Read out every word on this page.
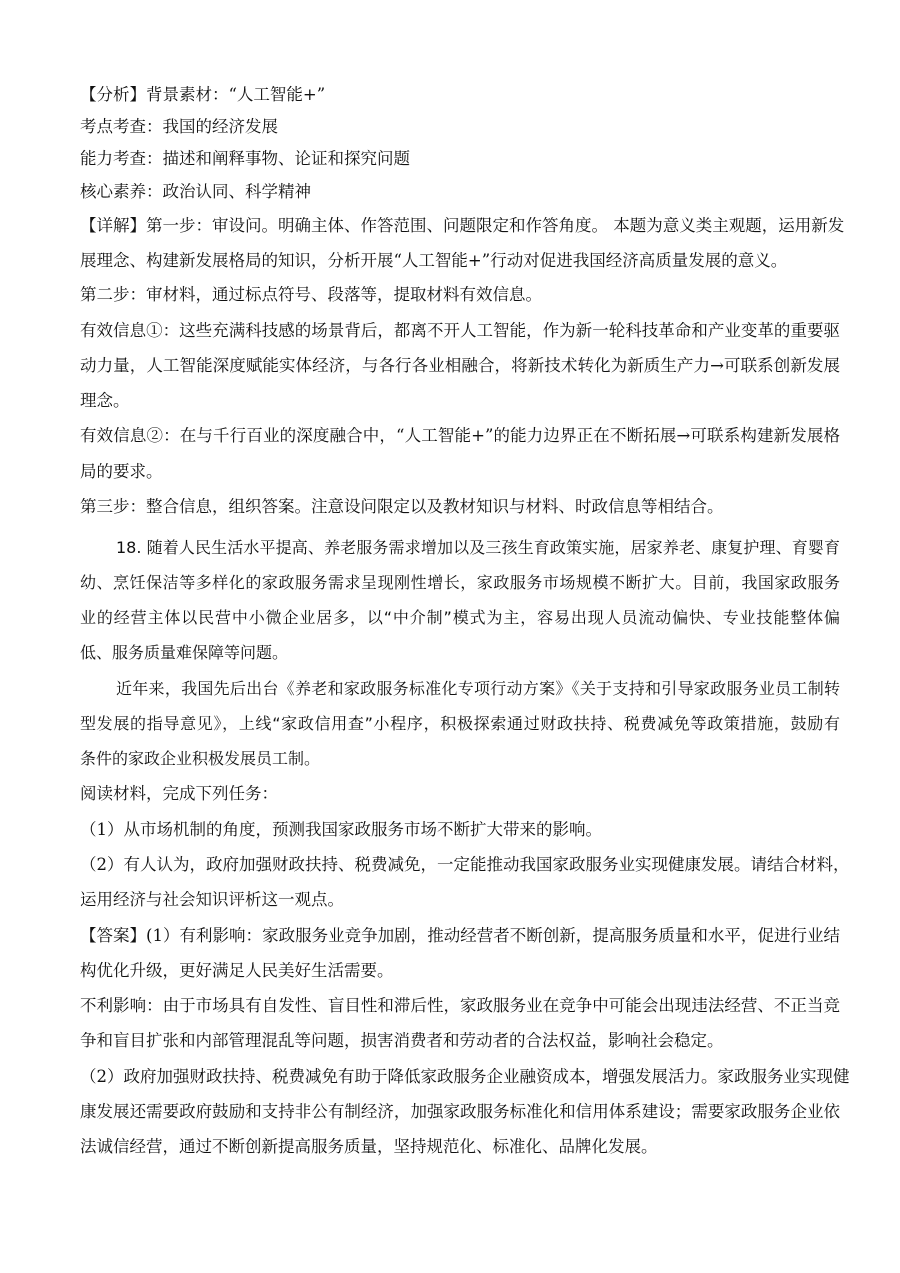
【分析】背景素材：“人工智能+”
考点考查：我国的经济发展
能力考查：描述和阐释事物、论证和探究问题
核心素养：政治认同、科学精神
【详解】第一步：审设问。明确主体、作答范围、问题限定和作答角度。 本题为意义类主观题，运用新发
展理念、构建新发展格局的知识，分析开展“人工智能+”行动对促进我国经济高质量发展的意义。
第二步：审材料，通过标点符号、段落等，提取材料有效信息。
有效信息①：这些充满科技感的场景背后，都离不开人工智能，作为新一轮科技革命和产业变革的重要驱
动力量，人工智能深度赋能实体经济，与各行各业相融合，将新技术转化为新质生产力→可联系创新发展
理念。
有效信息②：在与千行百业的深度融合中，“人工智能+”的能力边界正在不断拓展→可联系构建新发展格
局的要求。
第三步：整合信息，组织答案。注意设问限定以及教材知识与材料、时政信息等相结合。
18. 随着人民生活水平提高、养老服务需求增加以及三孩生育政策实施，居家养老、康复护理、育婴育
幼、烹饪保洁等多样化的家政服务需求呈现刚性增长，家政服务市场规模不断扩大。目前，我国家政服务
业的经营主体以民营中小微企业居多，以“中介制”模式为主，容易出现人员流动偏快、专业技能整体偏
低、服务质量难保障等问题。
近年来，我国先后出台《养老和家政服务标准化专项行动方案》《关于支持和引导家政服务业员工制转
型发展的指导意见》，上线“家政信用查”小程序，积极探索通过财政扶持、税费减免等政策措施，鼓励有
条件的家政企业积极发展员工制。
阅读材料，完成下列任务：
（1）从市场机制的角度，预测我国家政服务市场不断扩大带来的影响。
（2）有人认为，政府加强财政扶持、税费减免，一定能推动我国家政服务业实现健康发展。请结合材料，
运用经济与社会知识评析这一观点。
【答案】(1）有利影响：家政服务业竞争加剧，推动经营者不断创新，提高服务质量和水平，促进行业结
构优化升级，更好满足人民美好生活需要。
不利影响：由于市场具有自发性、盲目性和滞后性，家政服务业在竞争中可能会出现违法经营、不正当竞
争和盲目扩张和内部管理混乱等问题，损害消费者和劳动者的合法权益，影响社会稳定。
（2）政府加强财政扶持、税费减免有助于降低家政服务企业融资成本，增强发展活力。家政服务业实现健
康发展还需要政府鼓励和支持非公有制经济，加强家政服务标准化和信用体系建设；需要家政服务企业依
法诚信经营，通过不断创新提高服务质量，坚持规范化、标准化、品牌化发展。
